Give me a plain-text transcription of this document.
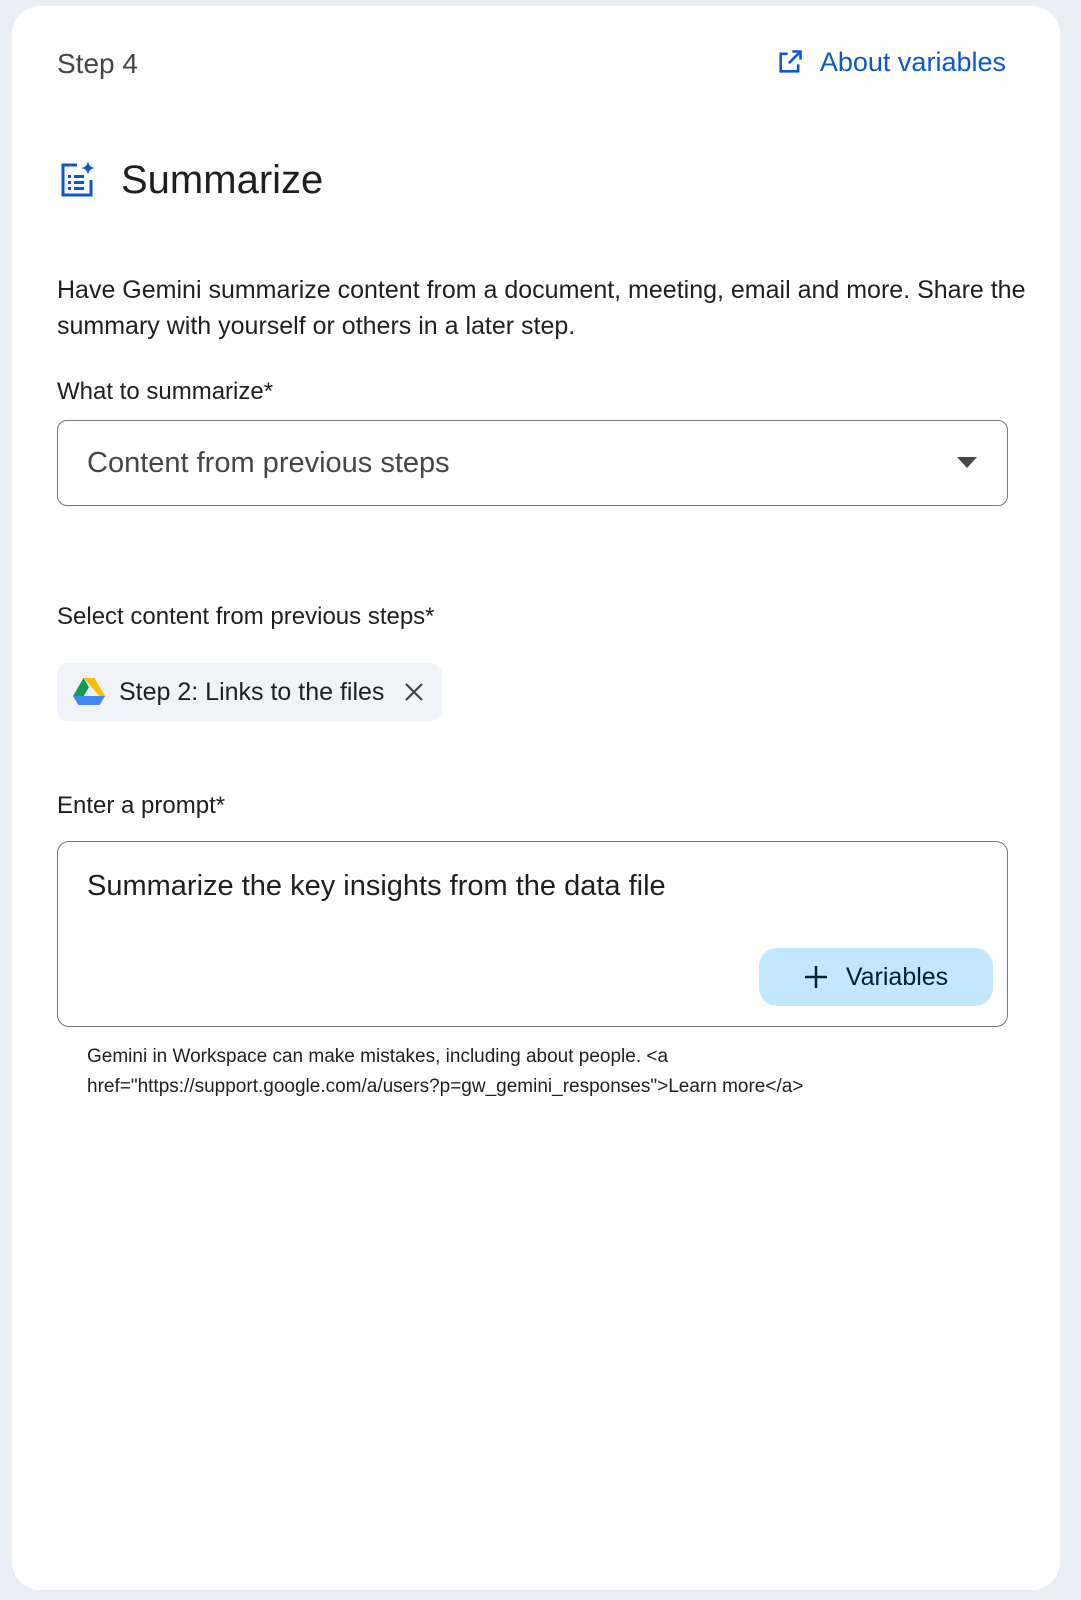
Step 4	About variables
Summarize
Have Gemini summarize content from a document, meeting, email and more. Share the summary with yourself or others in a later step.
What to summarize*
Content from previous steps
Select content from previous steps*
Step 2: Links to the files
Enter a prompt*
Summarize the key insights from the data file
Variables
Gemini in Workspace can make mistakes, including about people. <a href="https://support.google.com/a/users?p=gw_gemini_responses">Learn more</a>
